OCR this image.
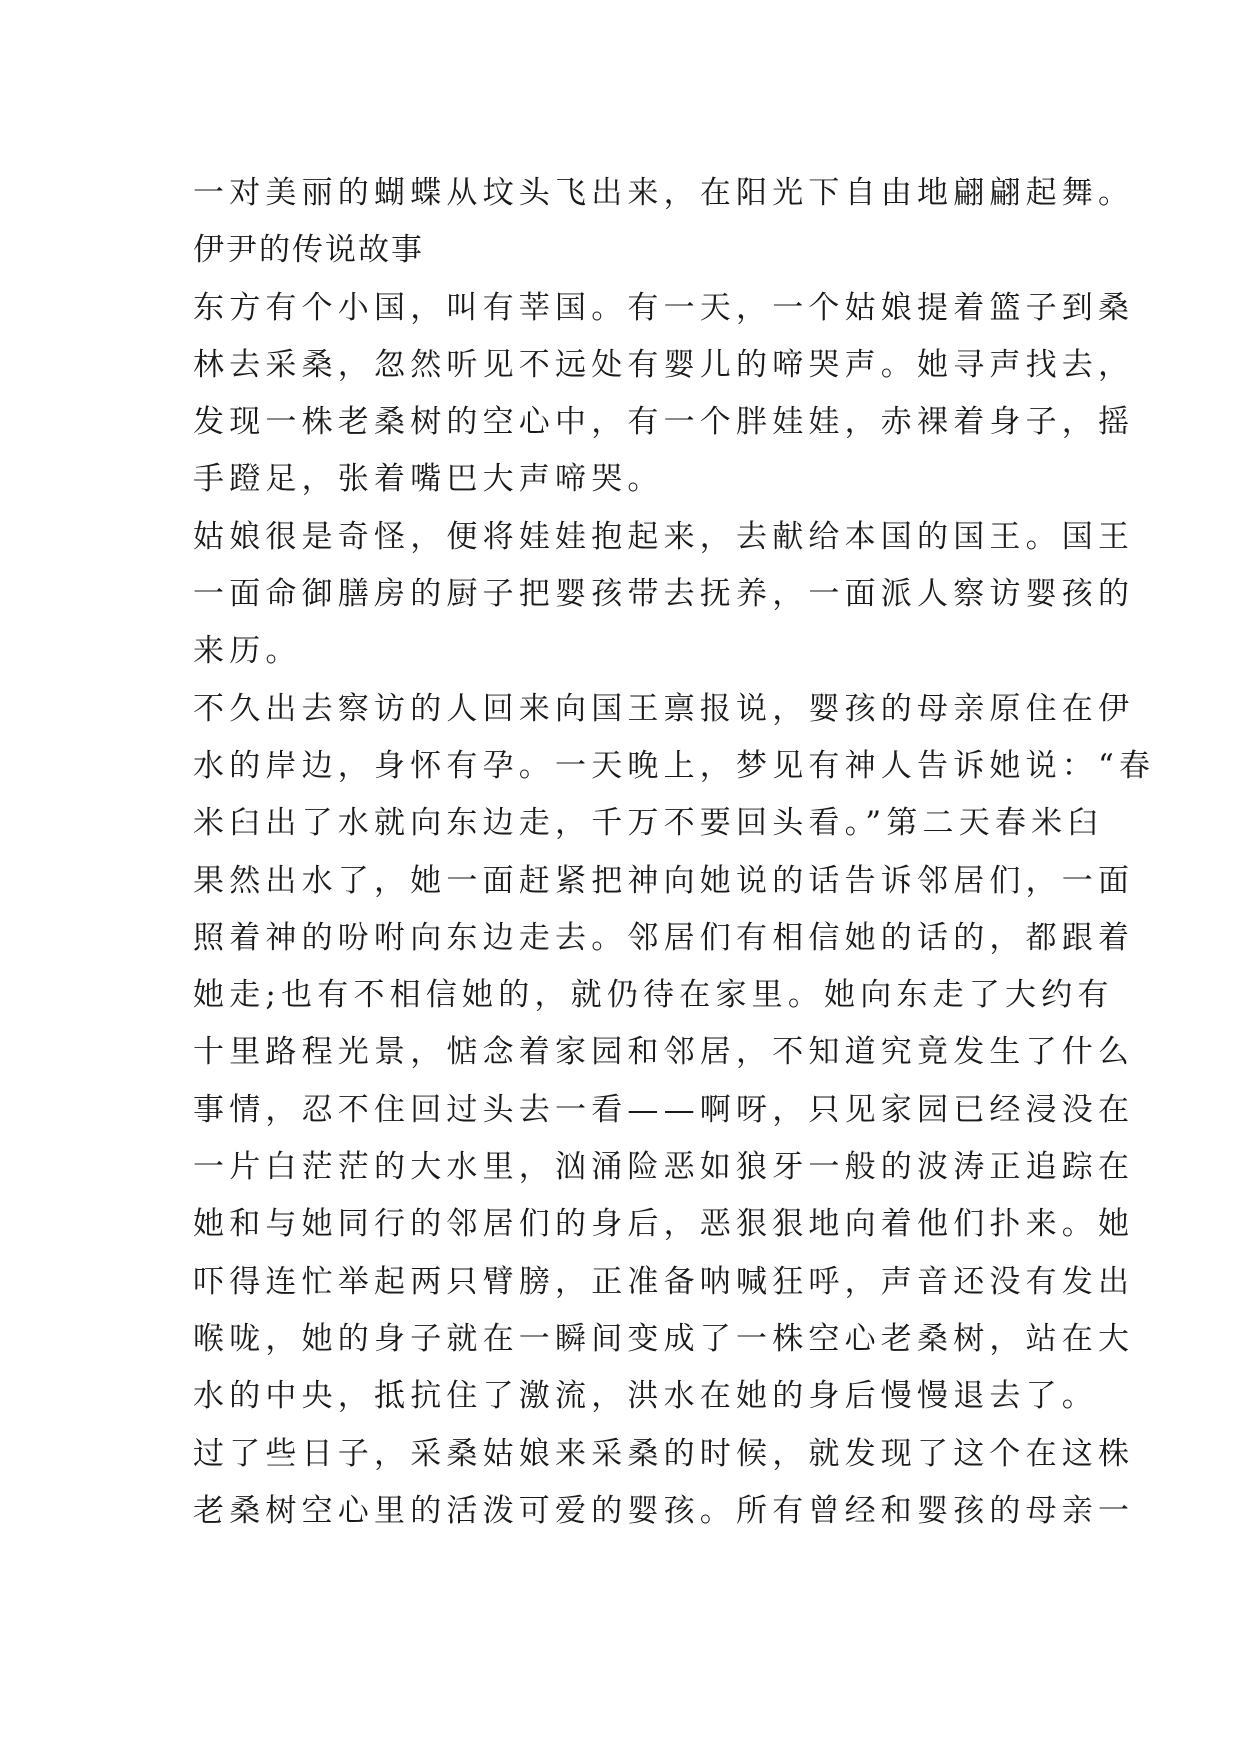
一对美丽的蝴蝶从坟头飞出来，在阳光下自由地翩翩起舞。
伊尹的传说故事
东方有个小国，叫有莘国。有一天，一个姑娘提着篮子到桑
林去采桑，忽然听见不远处有婴儿的啼哭声。她寻声找去，
发现一株老桑树的空心中，有一个胖娃娃，赤裸着身子，摇
手蹬足，张着嘴巴大声啼哭。
姑娘很是奇怪，便将娃娃抱起来，去献给本国的国王。国王
一面命御膳房的厨子把婴孩带去抚养，一面派人察访婴孩的
来历。
不久出去察访的人回来向国王禀报说，婴孩的母亲原住在伊
水的岸边，身怀有孕。一天晚上，梦见有神人告诉她说：“春
米臼出了水就向东边走，千万不要回头看。”第二天春米臼
果然出水了，她一面赶紧把神向她说的话告诉邻居们，一面
照着神的吩咐向东边走去。邻居们有相信她的话的，都跟着
她走;也有不相信她的，就仍待在家里。她向东走了大约有
十里路程光景，惦念着家园和邻居，不知道究竟发生了什么
事情，忍不住回过头去一看——啊呀，只见家园已经浸没在
一片白茫茫的大水里，汹涌险恶如狼牙一般的波涛正追踪在
她和与她同行的邻居们的身后，恶狠狠地向着他们扑来。她
吓得连忙举起两只臂膀，正准备呐喊狂呼，声音还没有发出
喉咙，她的身子就在一瞬间变成了一株空心老桑树，站在大
水的中央，抵抗住了激流，洪水在她的身后慢慢退去了。
过了些日子，采桑姑娘来采桑的时候，就发现了这个在这株
老桑树空心里的活泼可爱的婴孩。所有曾经和婴孩的母亲一
